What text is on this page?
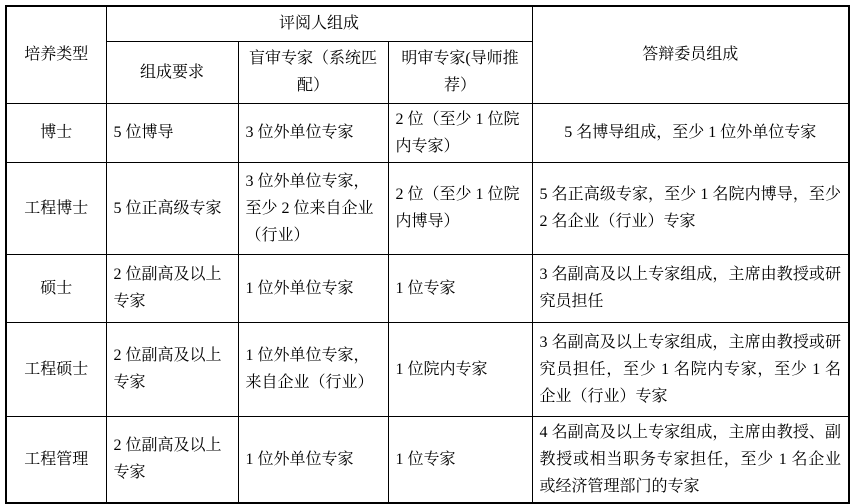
培养类型	评阅人组成			答辩委员组成
	组成要求	盲审专家（系统匹配）	明审专家(导师推荐）	
博士	5 位博导	3 位外单位专家	2 位（至少 1 位院内专家）	5 名博导组成，至少 1 位外单位专家
工程博士	5 位正高级专家	3 位外单位专家，至少 2 位来自企业（行业）	2 位（至少 1 位院内博导）	5 名正高级专家，至少 1 名院内博导，至少 2 名企业（行业）专家
硕士	2 位副高及以上专家	1 位外单位专家	1 位专家	3 名副高及以上专家组成，主席由教授或研究员担任
工程硕士	2 位副高及以上专家	1 位外单位专家，来自企业（行业）	1 位院内专家	3 名副高及以上专家组成，主席由教授或研究员担任，至少 1 名院内专家，至少 1 名企业（行业）专家
工程管理	2 位副高及以上专家	1 位外单位专家	1 位专家	4 名副高及以上专家组成，主席由教授、副教授或相当职务专家担任，至少 1 名企业或经济管理部门的专家
